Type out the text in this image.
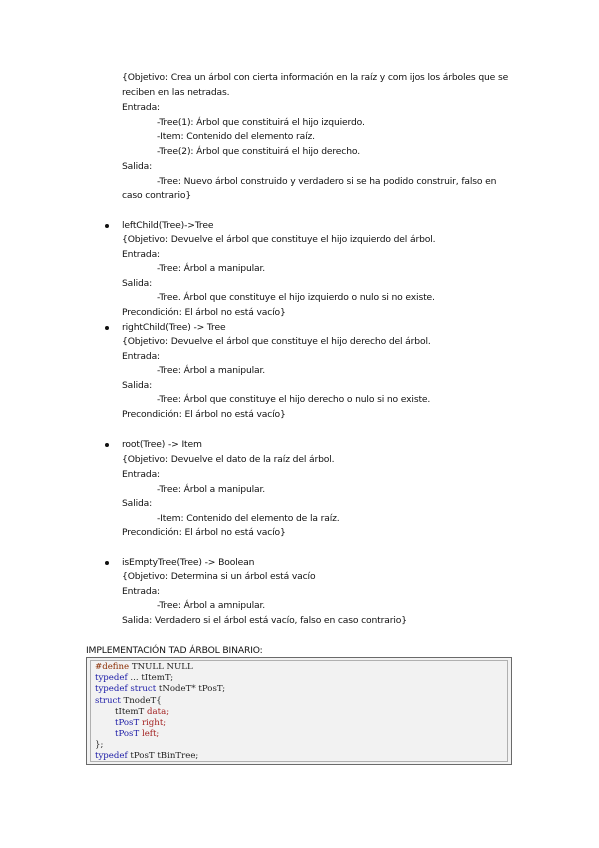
IMPLEMENTACIÓN TAD ÁRBOL BINARIO:
#define TNULL NULL
typedef ... tItemT;
typedef struct tNodeT* tPosT;
struct TnodeT{
tItemT data;
tPosT right;
tPosT left;
};
typedef tPosT tBinTree;
{Objetivo: Crea un árbol con cierta información en la raíz y com ijos los árboles que se
reciben en las netradas.
Entrada:
-Tree(1): Árbol que constituirá el hijo izquierdo.
-Item: Contenido del elemento raíz.
-Tree(2): Árbol que constituirá el hijo derecho.
Salida:
-Tree: Nuevo árbol construido y verdadero si se ha podido construir, falso en
caso contrario}
leftChild(Tree)->Tree
{Objetivo: Devuelve el árbol que constituye el hijo izquierdo del árbol.
Entrada:
-Tree: Árbol a manipular.
Salida:
-Tree. Árbol que constituye el hijo izquierdo o nulo si no existe.
Precondición: El árbol no está vacío}
rightChild(Tree) -> Tree
{Objetivo: Devuelve el árbol que constituye el hijo derecho del árbol.
Entrada:
-Tree: Árbol a manipular.
Salida:
-Tree: Árbol que constituye el hijo derecho o nulo si no existe.
Precondición: El árbol no está vacío}
root(Tree) -> Item
{Objetivo: Devuelve el dato de la raíz del árbol.
Entrada:
-Tree: Árbol a manipular.
Salida:
-Item: Contenido del elemento de la raíz.
Precondición: El árbol no está vacío}
isEmptyTree(Tree) -> Boolean
{Objetivo: Determina si un árbol está vacío
Entrada:
-Tree: Árbol a amnipular.
Salida: Verdadero si el árbol está vacío, falso en caso contrario}
